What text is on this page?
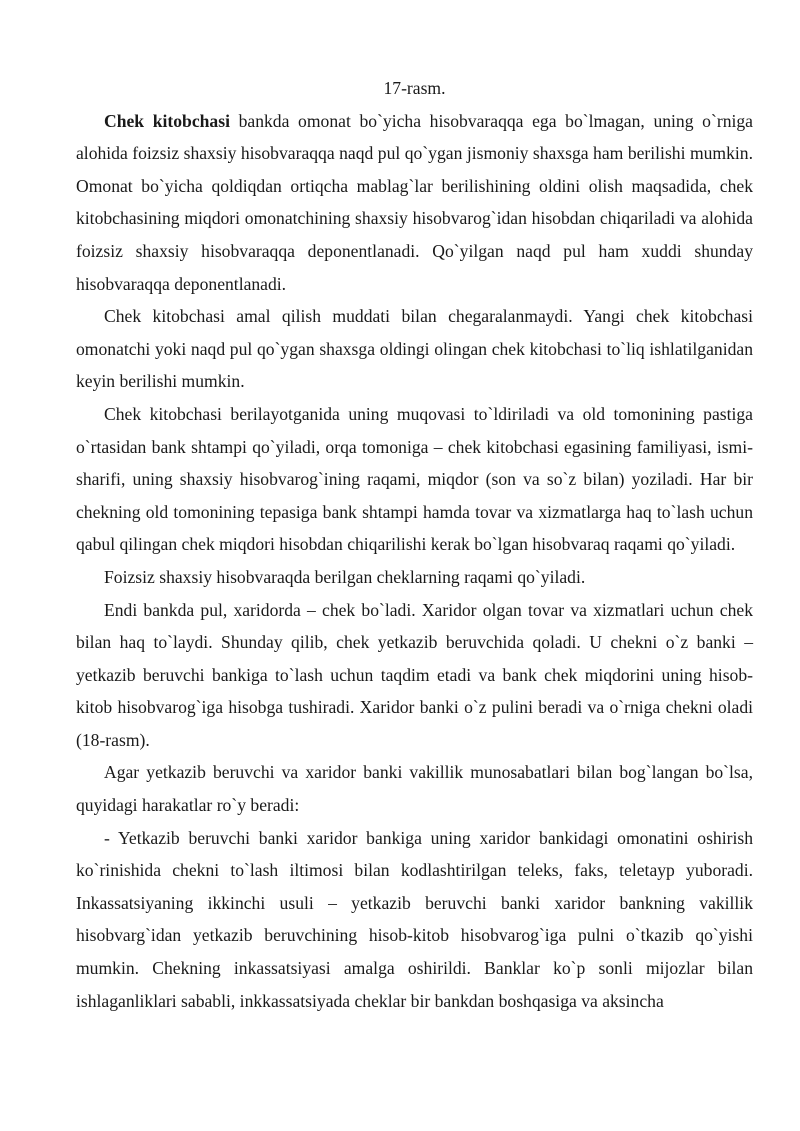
17-rasm.

Chek kitobchasi bankda omonat bo`yicha hisobvaraqqa ega bo`lmagan, uning o`rniga alohida foizsiz shaxsiy hisobvaraqqa naqd pul qo`ygan jismoniy shaxsga ham berilishi mumkin. Omonat bo`yicha qoldiqdan ortiqcha mablag`lar berilishining oldini olish maqsadida, chek kitobchasining miqdori omonatchining shaxsiy hisobvarog`idan hisobdan chiqariladi va alohida foizsiz shaxsiy hisobvaraqqa deponentlanadi. Qo`yilgan naqd pul ham xuddi shunday hisobvaraqqa deponentlanadi.

Chek kitobchasi amal qilish muddati bilan chegaralanmaydi. Yangi chek kitobchasi omonatchi yoki naqd pul qo`ygan shaxsga oldingi olingan chek kitobchasi to`liq ishlatilganidan keyin berilishi mumkin.

Chek kitobchasi berilayotganida uning muqovasi to`ldiriladi va old tomonining pastiga o`rtasidan bank shtampi qo`yiladi, orqa tomoniga – chek kitobchasi egasining familiyasi, ismi-sharifi, uning shaxsiy hisobvarog`ining raqami, miqdor (son va so`z bilan) yoziladi. Har bir chekning old tomonining tepasiga bank shtampi hamda tovar va xizmatlarga haq to`lash uchun qabul qilingan chek miqdori hisobdan chiqarilishi kerak bo`lgan hisobvaraq raqami qo`yiladi.

Foizsiz shaxsiy hisobvaraqda berilgan cheklarning raqami qo`yiladi.

Endi bankda pul, xaridorda – chek bo`ladi. Xaridor olgan tovar va xizmatlari uchun chek bilan haq to`laydi. Shunday qilib, chek yetkazib beruvchida qoladi. U chekni o`z banki – yetkazib beruvchi bankiga to`lash uchun taqdim etadi va bank chek miqdorini uning hisob-kitob hisobvarog`iga hisobga tushiradi. Xaridor banki o`z pulini beradi va o`rniga chekni oladi (18-rasm).

Agar yetkazib beruvchi va xaridor banki vakillik munosabatlari bilan bog`langan bo`lsa, quyidagi harakatlar ro`y beradi:

- Yetkazib beruvchi banki xaridor bankiga uning xaridor bankidagi omonatini oshirish ko`rinishida chekni to`lash iltimosi bilan kodlashtirilgan teleks, faks, teletayp yuboradi. Inkassatsiyaning ikkinchi usuli – yetkazib beruvchi banki xaridor bankning vakillik hisobvarg`idan yetkazib beruvchining hisob-kitob hisobvarog`iga pulni o`tkazib qo`yishi mumkin. Chekning inkassatsiyasi amalga oshirildi. Banklar ko`p sonli mijozlar bilan ishlaganliklari sababli, inkkassatsiyada cheklar bir bankdan boshqasiga va aksincha
